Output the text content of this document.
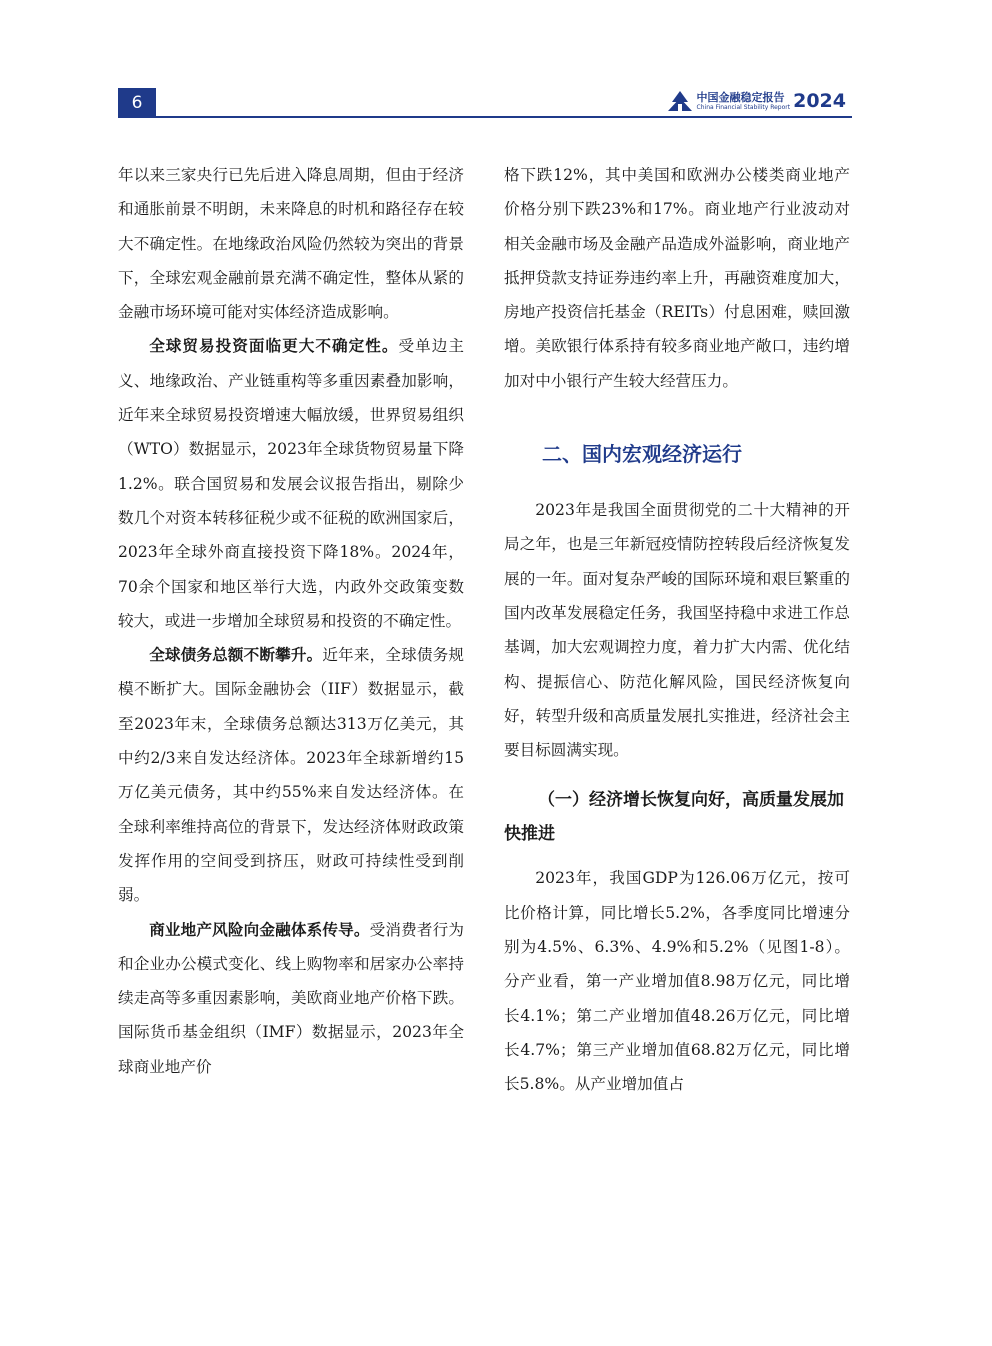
6	中国金融稳定报告
China Financial Stability Report 2024

年以来三家央行已先后进入降息周期，但由于经济和通胀前景不明朗，未来降息的时机和路径存在较大不确定性。在地缘政治风险仍然较为突出的背景下，全球宏观金融前景充满不确定性，整体从紧的金融市场环境可能对实体经济造成影响。

全球贸易投资面临更大不确定性。受单边主义、地缘政治、产业链重构等多重因素叠加影响，近年来全球贸易投资增速大幅放缓，世界贸易组织（WTO）数据显示，2023年全球货物贸易量下降1.2%。联合国贸易和发展会议报告指出，剔除少数几个对资本转移征税少或不征税的欧洲国家后，2023年全球外商直接投资下降18%。2024年，70余个国家和地区举行大选，内政外交政策变数较大，或进一步增加全球贸易和投资的不确定性。

全球债务总额不断攀升。近年来，全球债务规模不断扩大。国际金融协会（IIF）数据显示，截至2023年末，全球债务总额达313万亿美元，其中约2/3来自发达经济体。2023年全球新增约15万亿美元债务，其中约55%来自发达经济体。在全球利率维持高位的背景下，发达经济体财政政策发挥作用的空间受到挤压，财政可持续性受到削弱。

商业地产风险向金融体系传导。受消费者行为和企业办公模式变化、线上购物率和居家办公率持续走高等多重因素影响，美欧商业地产价格下跌。国际货币基金组织（IMF）数据显示，2023年全球商业地产价

格下跌12%，其中美国和欧洲办公楼类商业地产价格分别下跌23%和17%。商业地产行业波动对相关金融市场及金融产品造成外溢影响，商业地产抵押贷款支持证券违约率上升，再融资难度加大，房地产投资信托基金（REITs）付息困难，赎回激增。美欧银行体系持有较多商业地产敞口，违约增加对中小银行产生较大经营压力。

二、国内宏观经济运行

2023年是我国全面贯彻党的二十大精神的开局之年，也是三年新冠疫情防控转段后经济恢复发展的一年。面对复杂严峻的国际环境和艰巨繁重的国内改革发展稳定任务，我国坚持稳中求进工作总基调，加大宏观调控力度，着力扩大内需、优化结构、提振信心、防范化解风险，国民经济恢复向好，转型升级和高质量发展扎实推进，经济社会主要目标圆满实现。

（一）经济增长恢复向好，高质量发展加快推进

2023年，我国GDP为126.06万亿元，按可比价格计算，同比增长5.2%，各季度同比增速分别为4.5%、6.3%、4.9%和5.2%（见图1-8）。分产业看，第一产业增加值8.98万亿元，同比增长4.1%；第二产业增加值48.26万亿元，同比增长4.7%；第三产业增加值68.82万亿元，同比增长5.8%。从产业增加值占
